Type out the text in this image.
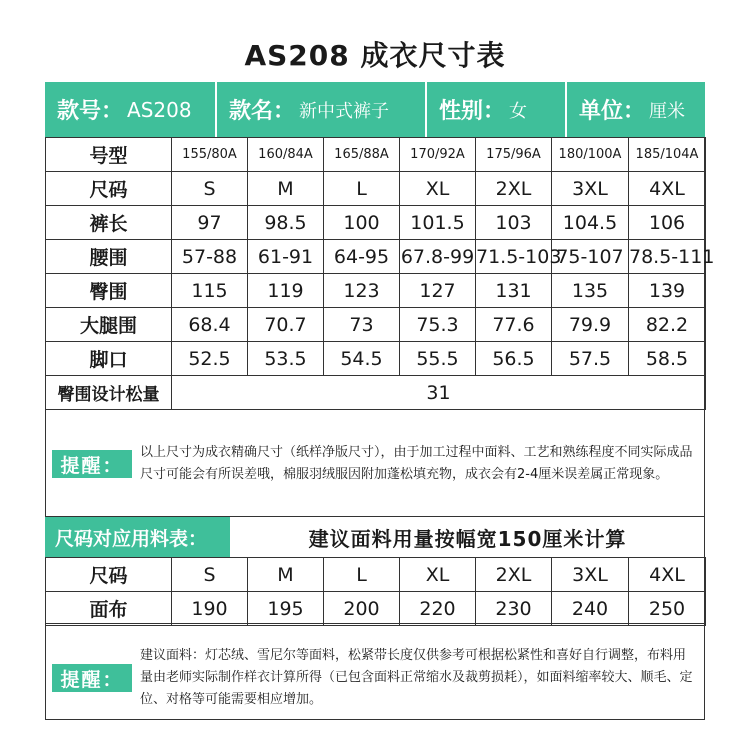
AS208 成衣尺寸表
款号： AS208 款名： 新中式裤子 性别： 女 单位： 厘米
号型	155/80A	160/84A	165/88A	170/92A	175/96A	180/100A	185/104A
尺码	S	M	L	XL	2XL	3XL	4XL
裤长	97	98.5	100	101.5	103	104.5	106
腰围	57-88	61-91	64-95	67.8-99	71.5-103	75-107	78.5-111
臀围	115	119	123	127	131	135	139
大腿围	68.4	70.7	73	75.3	77.6	79.9	82.2
脚口	52.5	53.5	54.5	55.5	56.5	57.5	58.5
臀围设计松量	31						
提醒：
以上尺寸为成衣精确尺寸（纸样净版尺寸），由于加工过程中面料、工艺和熟练程度不同实际成品尺寸可能会有所误差哦，棉服羽绒服因附加蓬松填充物，成衣会有2-4厘米误差属正常现象。
尺码对应用料表：	建议面料用量按幅宽150厘米计算
尺码	S	M	L	XL	2XL	3XL	4XL
面布	190	195	200	220	230	240	250
提醒：
建议面料：灯芯绒、雪尼尔等面料，松紧带长度仅供参考可根据松紧性和喜好自行调整，布料用量由老师实际制作样衣计算所得（已包含面料正常缩水及裁剪损耗），如面料缩率较大、顺毛、定位、对格等可能需要相应增加。
